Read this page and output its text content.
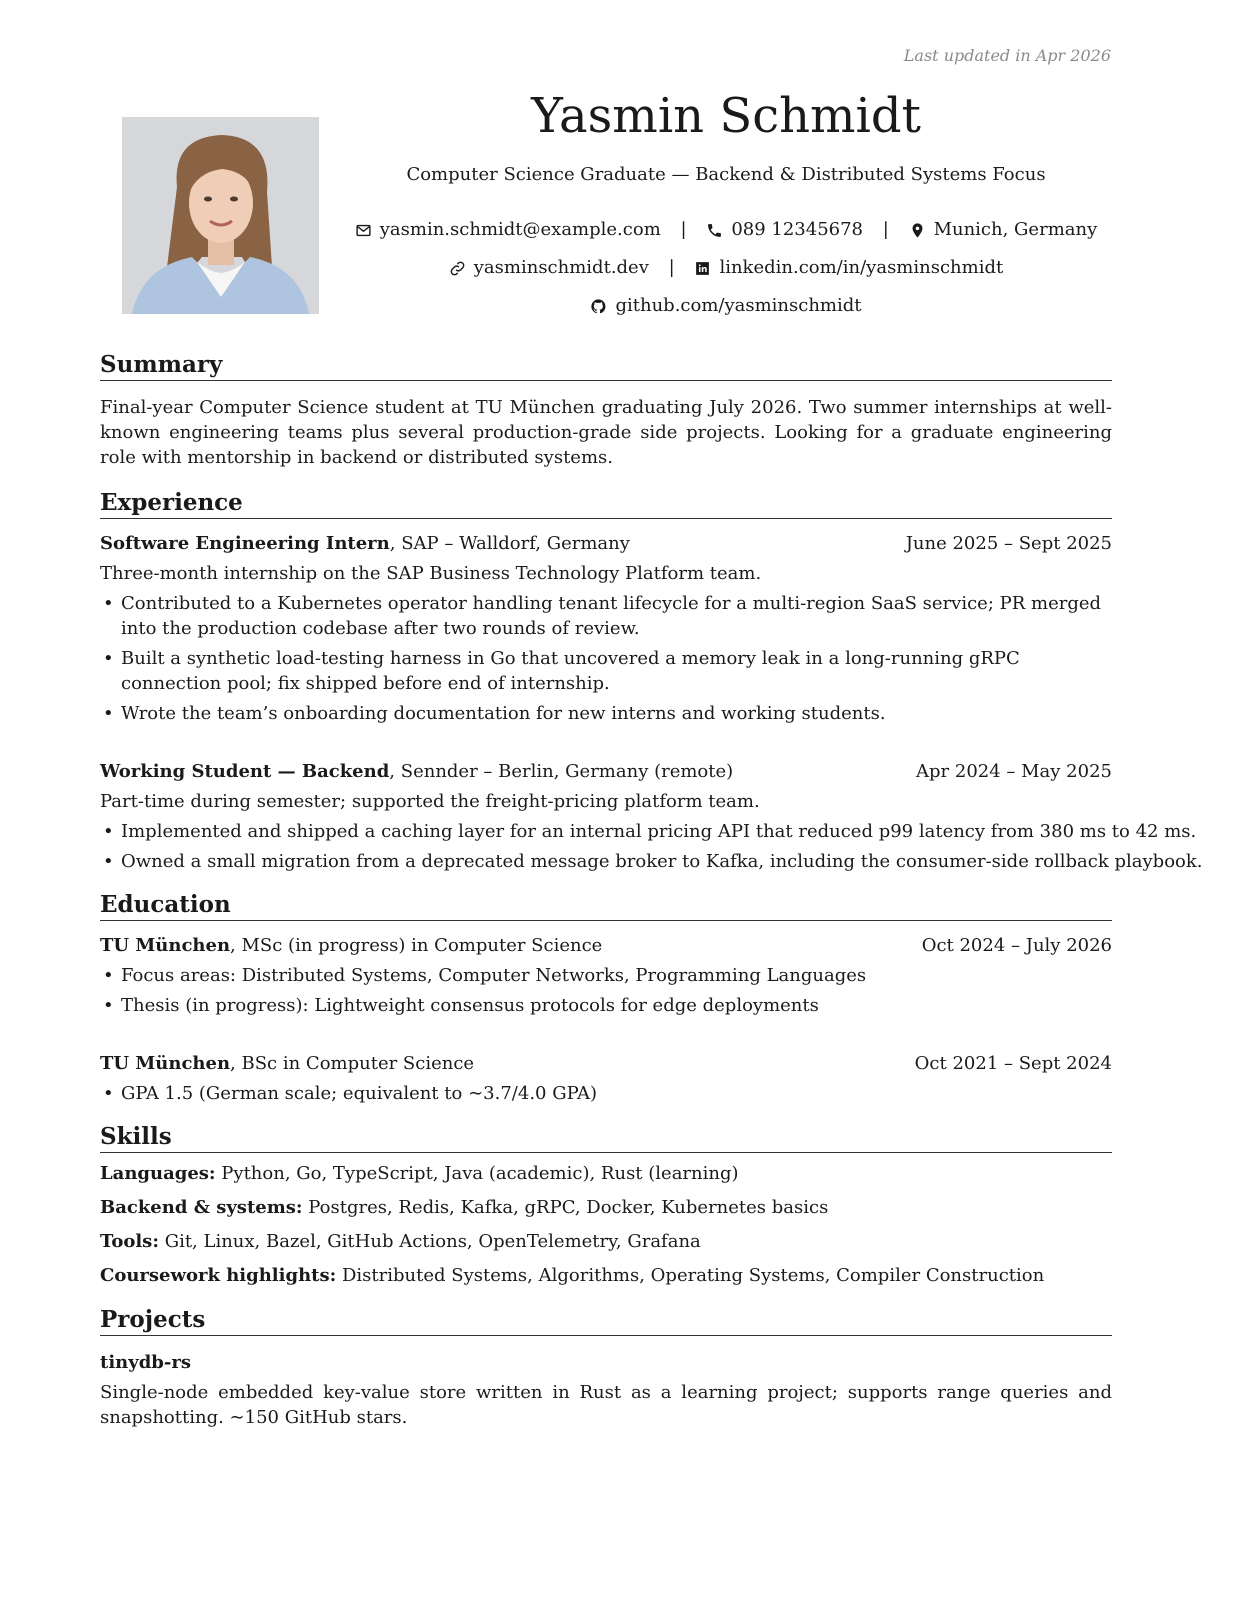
Last updated in Apr 2026
Yasmin Schmidt
Computer Science Graduate — Backend & Distributed Systems Focus
yasmin.schmidt@example.com | 089 12345678 | Munich, Germany
yasminschmidt.dev | linkedin.com/in/yasminschmidt
github.com/yasminschmidt
Summary

Final-year Computer Science student at TU München graduating July 2026. Two summer internships at well-known engineering teams plus several production-grade side projects. Looking for a graduate engineering role with mentorship in backend or distributed systems.

Experience
Software Engineering Intern, SAP – Walldorf, Germany	June 2025 – Sept 2025
Three-month internship on the SAP Business Technology Platform team.
• Contributed to a Kubernetes operator handling tenant lifecycle for a multi-region SaaS service; PR merged into the production codebase after two rounds of review.
• Built a synthetic load-testing harness in Go that uncovered a memory leak in a long-running gRPC connection pool; fix shipped before end of internship.
• Wrote the team’s onboarding documentation for new interns and working students.
Working Student — Backend, Sennder – Berlin, Germany (remote)	Apr 2024 – May 2025
Part-time during semester; supported the freight-pricing platform team.
• Implemented and shipped a caching layer for an internal pricing API that reduced p99 latency from 380 ms to 42 ms.
• Owned a small migration from a deprecated message broker to Kafka, including the consumer-side rollback playbook.
Education
TU München, MSc (in progress) in Computer Science	Oct 2024 – July 2026
• Focus areas: Distributed Systems, Computer Networks, Programming Languages
• Thesis (in progress): Lightweight consensus protocols for edge deployments
TU München, BSc in Computer Science	Oct 2021 – Sept 2024
• GPA 1.5 (German scale; equivalent to ∼3.7/4.0 GPA)
Skills
Languages: Python, Go, TypeScript, Java (academic), Rust (learning)
Backend & systems: Postgres, Redis, Kafka, gRPC, Docker, Kubernetes basics
Tools: Git, Linux, Bazel, GitHub Actions, OpenTelemetry, Grafana
Coursework highlights: Distributed Systems, Algorithms, Operating Systems, Compiler Construction
Projects
tinydb-rs

Single-node embedded key-value store written in Rust as a learning project; supports range queries and snapshotting. ∼150 GitHub stars.
